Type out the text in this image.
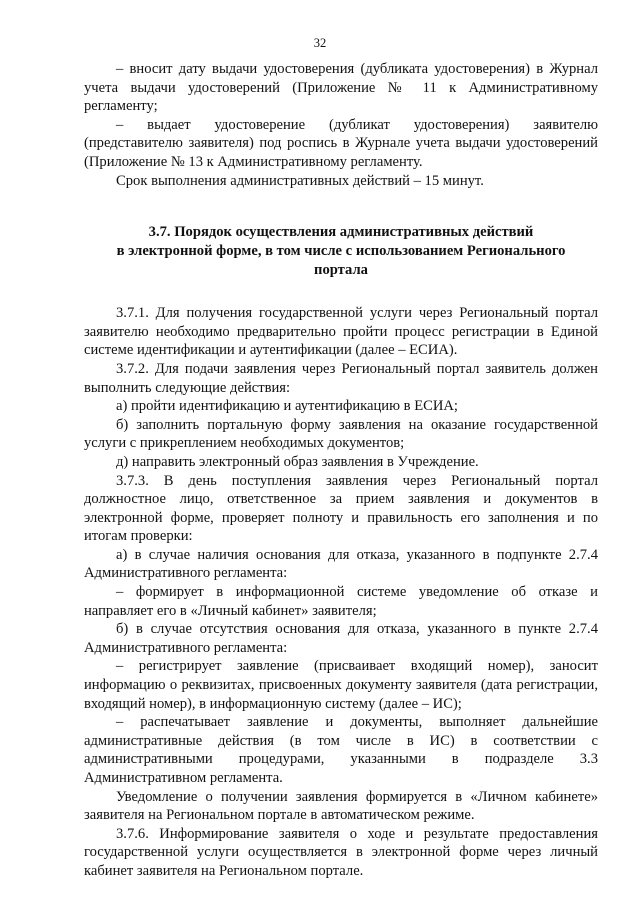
32

– вносит дату выдачи удостоверения (дубликата удостоверения) в Журнал учета выдачи удостоверений (Приложение № 11 к Административному регламенту;

– выдает удостоверение (дубликат удостоверения) заявителю (представителю заявителя) под роспись в Журнале учета выдачи удостоверений (Приложение № 13 к Административному регламенту.

Срок выполнения административных действий – 15 минут.

3.7. Порядок осуществления административных действий
в электронной форме, в том числе с использованием Регионального
портала

3.7.1. Для получения государственной услуги через Региональный портал заявителю необходимо предварительно пройти процесс регистрации в Единой системе идентификации и аутентификации (далее – ЕСИА).

3.7.2. Для подачи заявления через Региональный портал заявитель должен выполнить следующие действия:

а) пройти идентификацию и аутентификацию в ЕСИА;

б) заполнить портальную форму заявления на оказание государственной услуги с прикреплением необходимых документов;

д) направить электронный образ заявления в Учреждение.

3.7.3. В день поступления заявления через Региональный портал должностное лицо, ответственное за прием заявления и документов в электронной форме, проверяет полноту и правильность его заполнения и по итогам проверки:

а) в случае наличия основания для отказа, указанного в подпункте 2.7.4 Административного регламента:

– формирует в информационной системе уведомление об отказе и направляет его в «Личный кабинет» заявителя;

б) в случае отсутствия основания для отказа, указанного в пункте 2.7.4 Административного регламента:

– регистрирует заявление (присваивает входящий номер), заносит информацию о реквизитах, присвоенных документу заявителя (дата регистрации, входящий номер), в информационную систему (далее – ИС);

– распечатывает заявление и документы, выполняет дальнейшие административные действия (в том числе в ИС) в соответствии с административными процедурами, указанными в подразделе 3.3 Административном регламента.

Уведомление о получении заявления формируется в «Личном кабинете» заявителя на Региональном портале в автоматическом режиме.

3.7.6. Информирование заявителя о ходе и результате предоставления государственной услуги осуществляется в электронной форме через личный кабинет заявителя на Региональном портале.
